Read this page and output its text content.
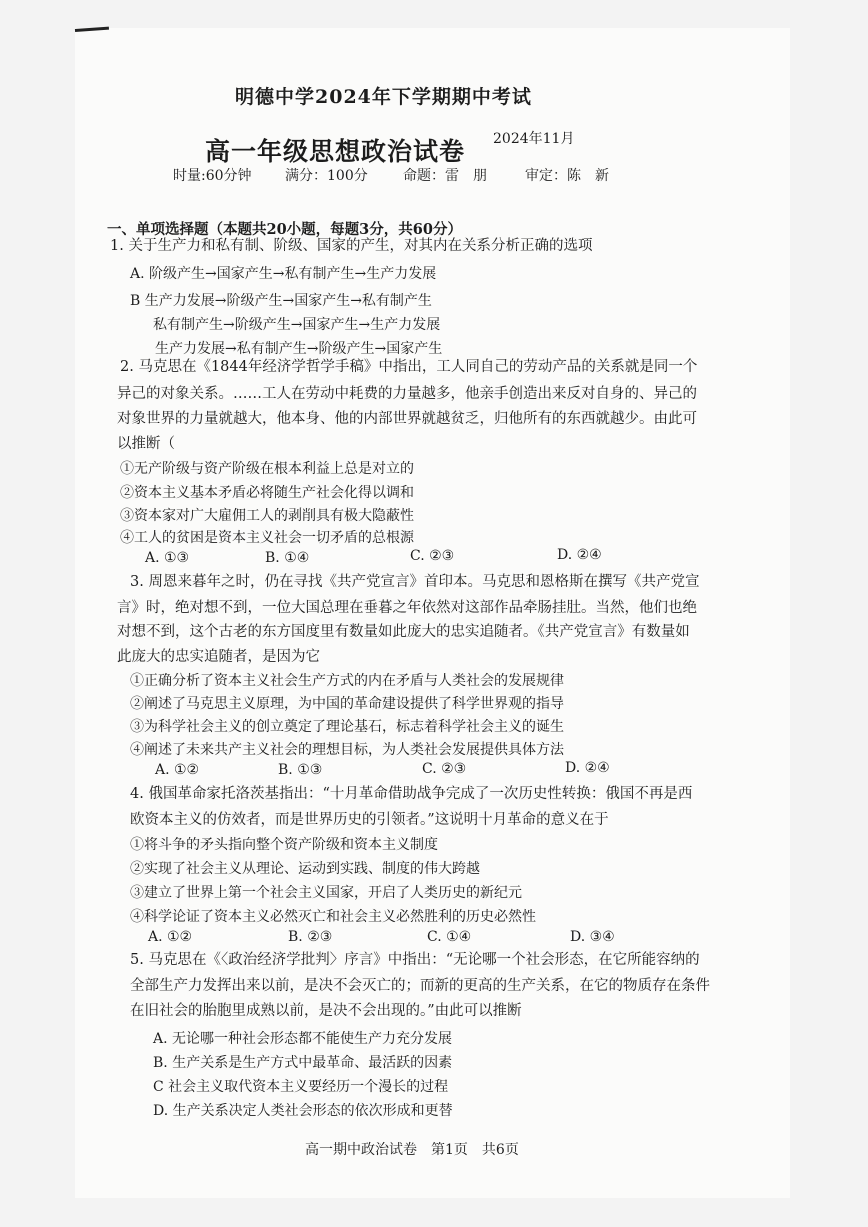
明德中学2024年下学期期中考试
高一年级思想政治试卷 2024年11月
时量:60分钟 满分：100分	命题：雷　朋	审定：陈　新
一、单项选择题（本题共20小题，每题3分，共60分）
1. 关于生产力和私有制、阶级、国家的产生，对其内在关系分析正确的选项
A. 阶级产生→国家产生→私有制产生→生产力发展
B 生产力发展→阶级产生→国家产生→私有制产生
私有制产生→阶级产生→国家产生→生产力发展
生产力发展→私有制产生→阶级产生→国家产生
2. 马克思在《1844年经济学哲学手稿》中指出，工人同自己的劳动产品的关系就是同一个
异己的对象关系。……工人在劳动中耗费的力量越多，他亲手创造出来反对自身的、异己的
对象世界的力量就越大，他本身、他的内部世界就越贫乏，归他所有的东西就越少。由此可
以推断（
①无产阶级与资产阶级在根本利益上总是对立的
②资本主义基本矛盾必将随生产社会化得以调和
③资本家对广大雇佣工人的剥削具有极大隐蔽性
④工人的贫困是资本主义社会一切矛盾的总根源
A. ①③	B. ①④	C. ②③	D. ②④
3. 周恩来暮年之时，仍在寻找《共产党宣言》首印本。马克思和恩格斯在撰写《共产党宣
言》时，绝对想不到，一位大国总理在垂暮之年依然对这部作品牵肠挂肚。当然，他们也绝
对想不到，这个古老的东方国度里有数量如此庞大的忠实追随者。《共产党宣言》有数量如
此庞大的忠实追随者，是因为它
①正确分析了资本主义社会生产方式的内在矛盾与人类社会的发展规律
②阐述了马克思主义原理，为中国的革命建设提供了科学世界观的指导
③为科学社会主义的创立奠定了理论基石，标志着科学社会主义的诞生
④阐述了未来共产主义社会的理想目标，为人类社会发展提供具体方法
A. ①②	B. ①③	C. ②③	D. ②④
4. 俄国革命家托洛茨基指出：“十月革命借助战争完成了一次历史性转换：俄国不再是西
欧资本主义的仿效者，而是世界历史的引领者。”这说明十月革命的意义在于
①将斗争的矛头指向整个资产阶级和资本主义制度
②实现了社会主义从理论、运动到实践、制度的伟大跨越
③建立了世界上第一个社会主义国家，开启了人类历史的新纪元
④科学论证了资本主义必然灭亡和社会主义必然胜利的历史必然性
A. ①②	B. ②③	C. ①④	D. ③④
5. 马克思在《〈政治经济学批判〉序言》中指出：“无论哪一个社会形态，在它所能容纳的
全部生产力发挥出来以前，是决不会灭亡的；而新的更高的生产关系，在它的物质存在条件
在旧社会的胎胞里成熟以前，是决不会出现的。”由此可以推断
A. 无论哪一种社会形态都不能使生产力充分发展
B. 生产关系是生产方式中最革命、最活跃的因素
C 社会主义取代资本主义要经历一个漫长的过程
D. 生产关系决定人类社会形态的依次形成和更替
高一期中政治试卷　第1页　共6页
